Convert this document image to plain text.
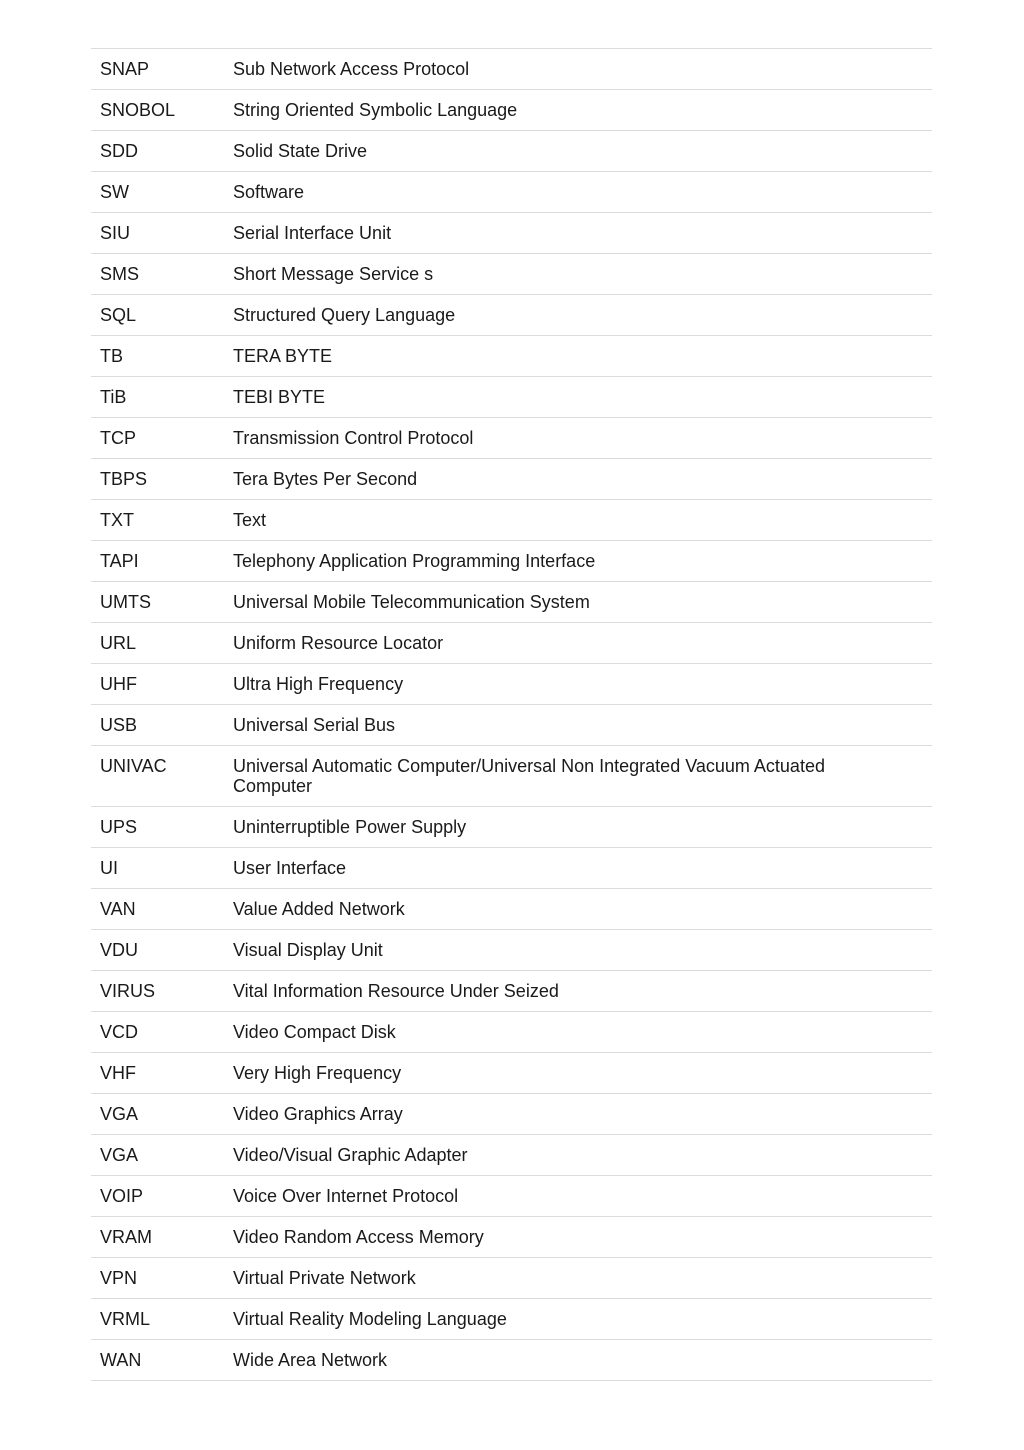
SNAP	Sub Network Access Protocol
SNOBOL	String Oriented Symbolic Language
SDD	Solid State Drive
SW	Software
SIU	Serial Interface Unit
SMS	Short Message Service s
SQL	Structured Query Language
TB	TERA BYTE
TiB	TEBI BYTE
TCP	Transmission Control Protocol
TBPS	Tera Bytes Per Second
TXT	Text
TAPI	Telephony Application Programming Interface
UMTS	Universal Mobile Telecommunication System
URL	Uniform Resource Locator
UHF	Ultra High Frequency
USB	Universal Serial Bus
UNIVAC	Universal Automatic Computer/Universal Non Integrated Vacuum Actuated Computer
UPS	Uninterruptible Power Supply
UI	User Interface
VAN	Value Added Network
VDU	Visual Display Unit
VIRUS	Vital Information Resource Under Seized
VCD	Video Compact Disk
VHF	Very High Frequency
VGA	Video Graphics Array
VGA	Video/Visual Graphic Adapter
VOIP	Voice Over Internet Protocol
VRAM	Video Random Access Memory
VPN	Virtual Private Network
VRML	Virtual Reality Modeling Language
WAN	Wide Area Network
